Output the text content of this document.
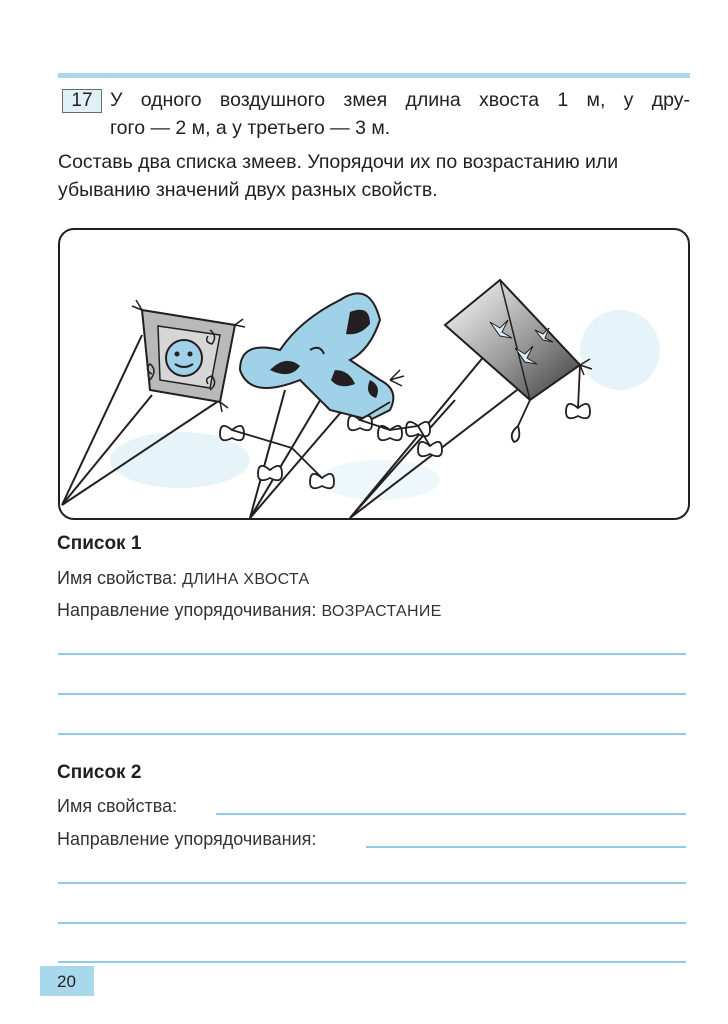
17 У одного воздушного змея длина хвоста 1 м, у дру-
гого — 2 м, а у третьего — 3 м.
Составь два списка змеев. Упорядочи их по возрастанию или убыванию значений двух разных свойств.
Список 1
Имя свойства: ДЛИНА ХВОСТА
Направление упорядочивания: ВОЗРАСТАНИЕ
Список 2
Имя свойства:
Направление упорядочивания:
20
